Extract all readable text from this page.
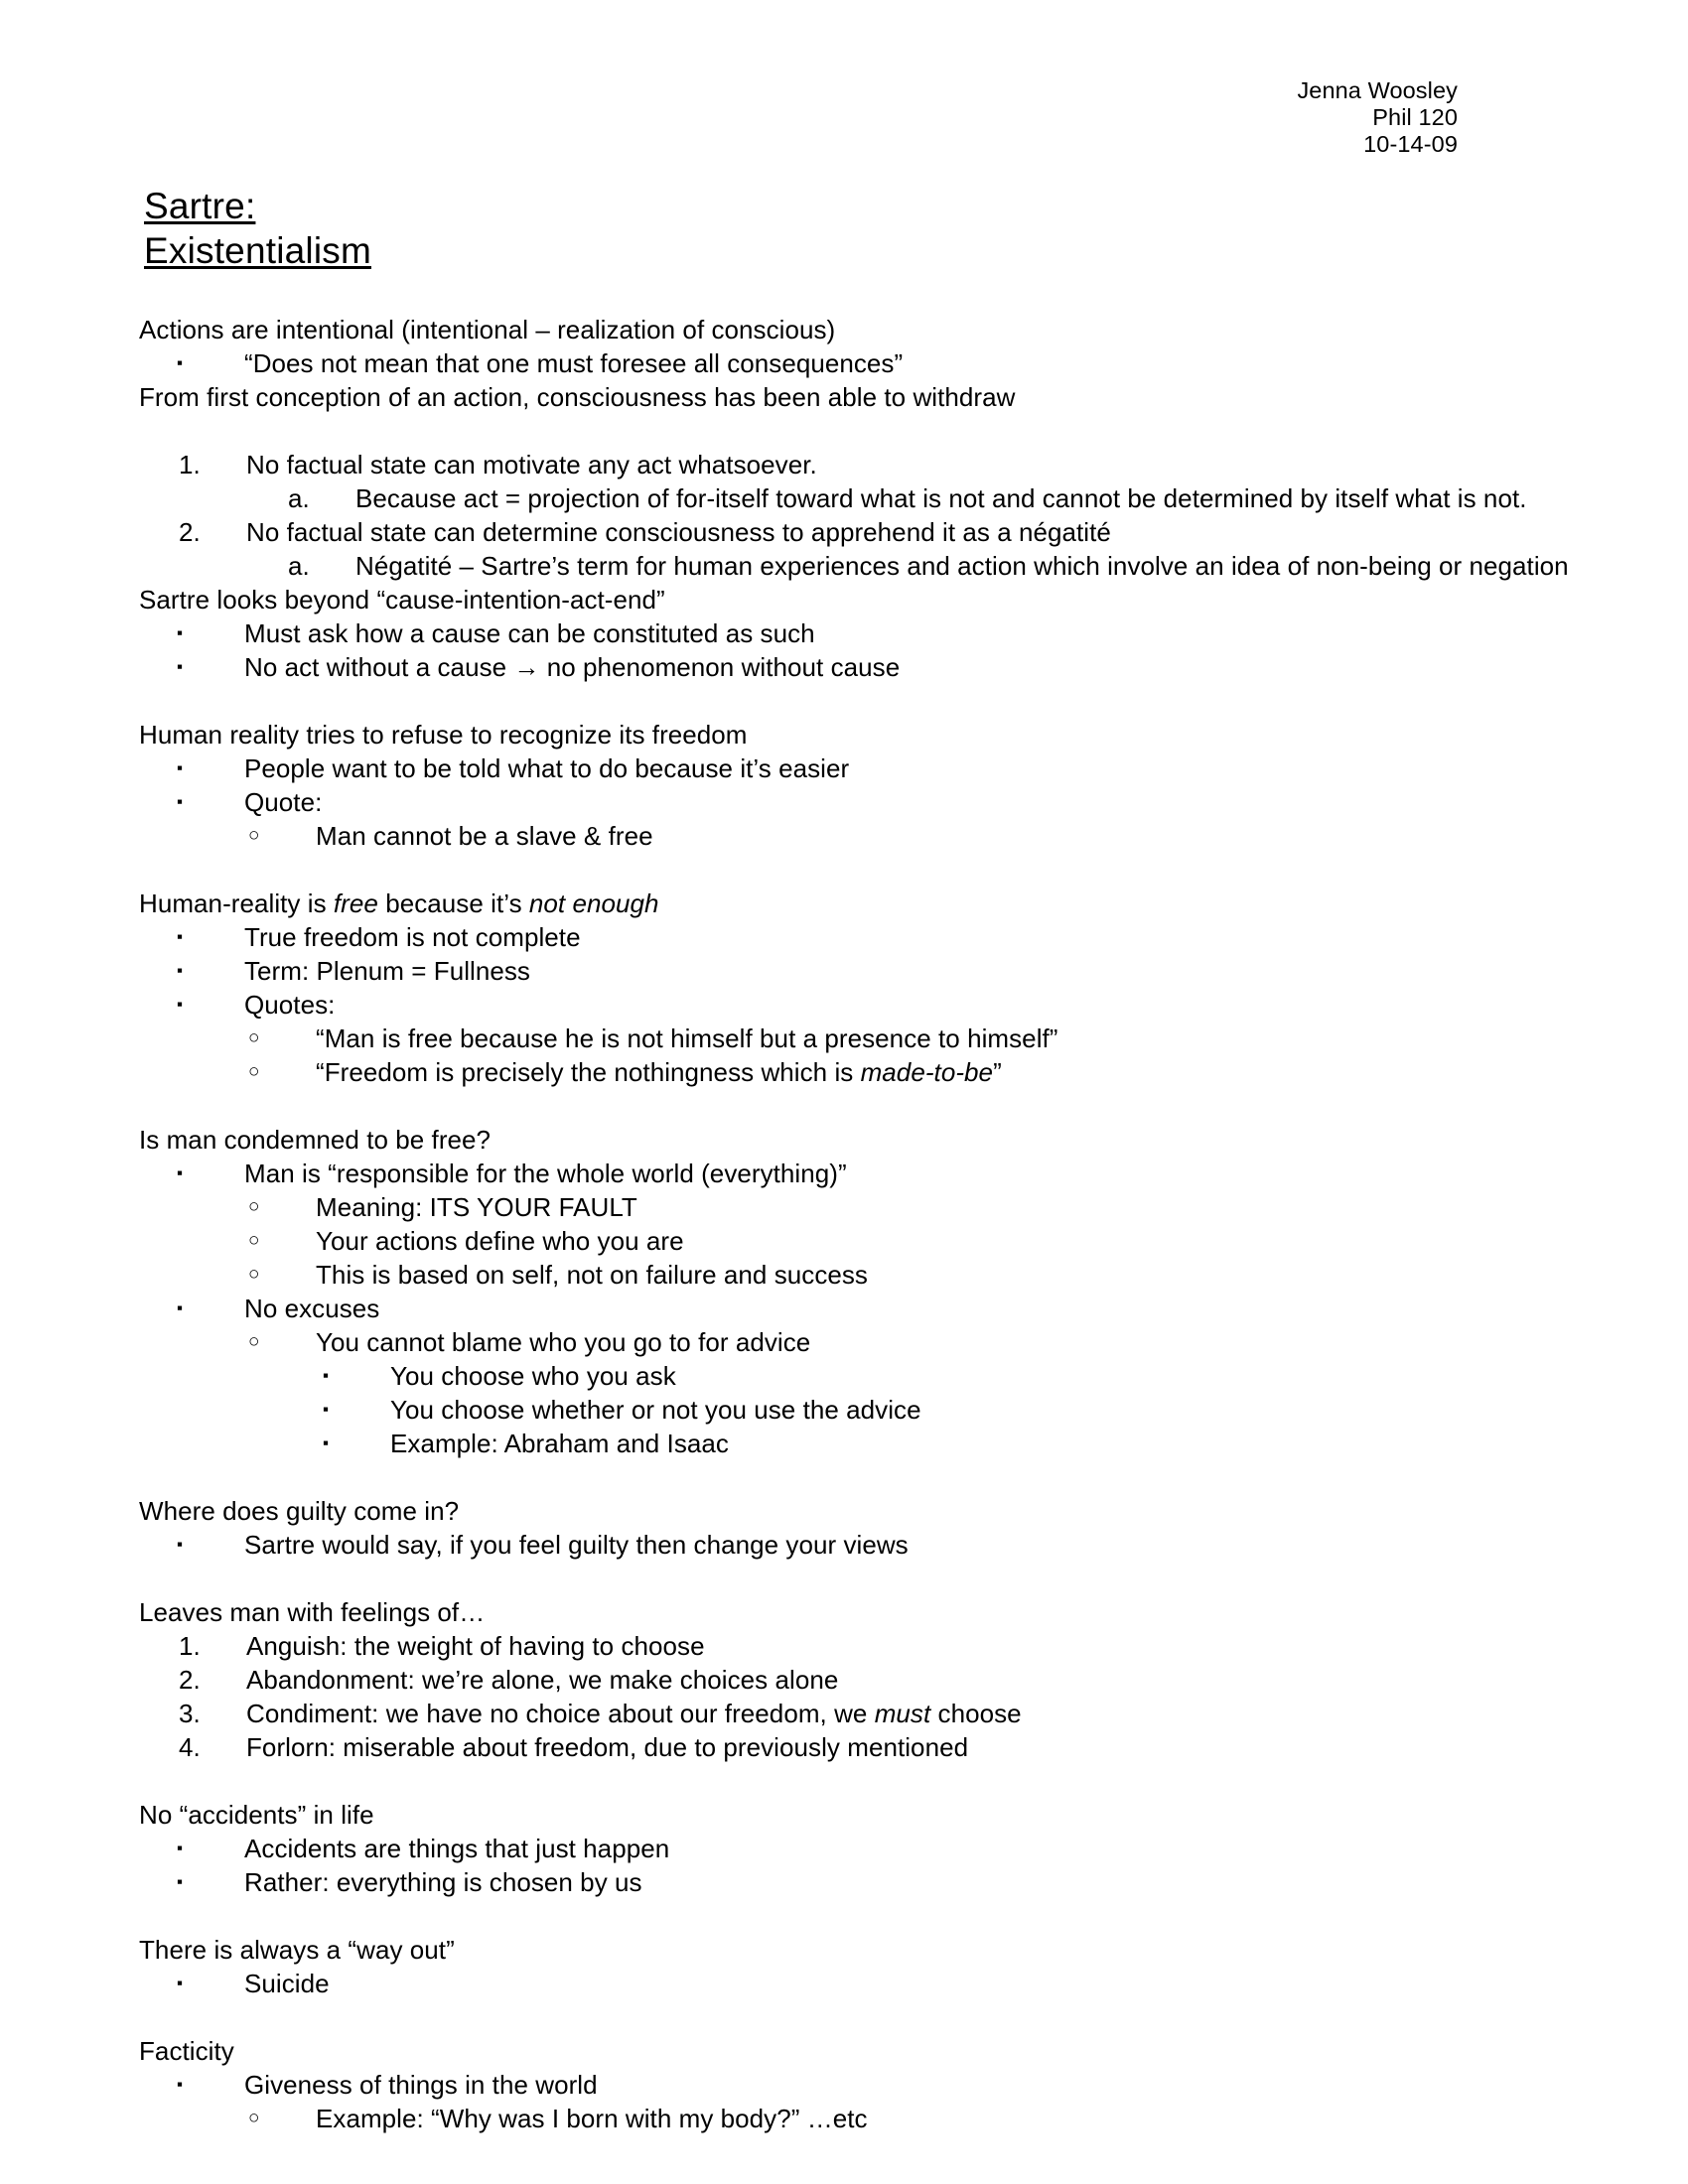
Jenna Woosley
Phil 120
10-14-09
Sartre:
Existentialism
Actions are intentional (intentional – realization of conscious)
▪	“Does not mean that one must foresee all consequences”
From first conception of an action, consciousness has been able to withdraw
1.	No factual state can motivate any act whatsoever.
a.	Because act = projection of for-itself toward what is not and cannot be determined by itself what is not.
2.	No factual state can determine consciousness to apprehend it as a négatité
a.	Négatité – Sartre’s term for human experiences and action which involve an idea of non-being or negation
Sartre looks beyond “cause-intention-act-end”
▪	Must ask how a cause can be constituted as such
▪	No act without a cause → no phenomenon without cause
Human reality tries to refuse to recognize its freedom
▪	People want to be told what to do because it’s easier
▪	Quote:
○	Man cannot be a slave & free
Human-reality is free because it’s not enough
▪	True freedom is not complete
▪	Term: Plenum = Fullness
▪	Quotes:
○	“Man is free because he is not himself but a presence to himself”
○	“Freedom is precisely the nothingness which is made-to-be”
Is man condemned to be free?
▪	Man is “responsible for the whole world (everything)”
○	Meaning: ITS YOUR FAULT
○	Your actions define who you are
○	This is based on self, not on failure and success
▪	No excuses
○	You cannot blame who you go to for advice
▪	You choose who you ask
▪	You choose whether or not you use the advice
▪	Example: Abraham and Isaac
Where does guilty come in?
▪	Sartre would say, if you feel guilty then change your views
Leaves man with feelings of…
1.	Anguish: the weight of having to choose
2.	Abandonment: we’re alone, we make choices alone
3.	Condiment: we have no choice about our freedom, we must choose
4.	Forlorn: miserable about freedom, due to previously mentioned
No “accidents” in life
▪	Accidents are things that just happen
▪	Rather: everything is chosen by us
There is always a “way out”
▪	Suicide
Facticity
▪	Giveness of things in the world
○	Example: “Why was I born with my body?” …etc
